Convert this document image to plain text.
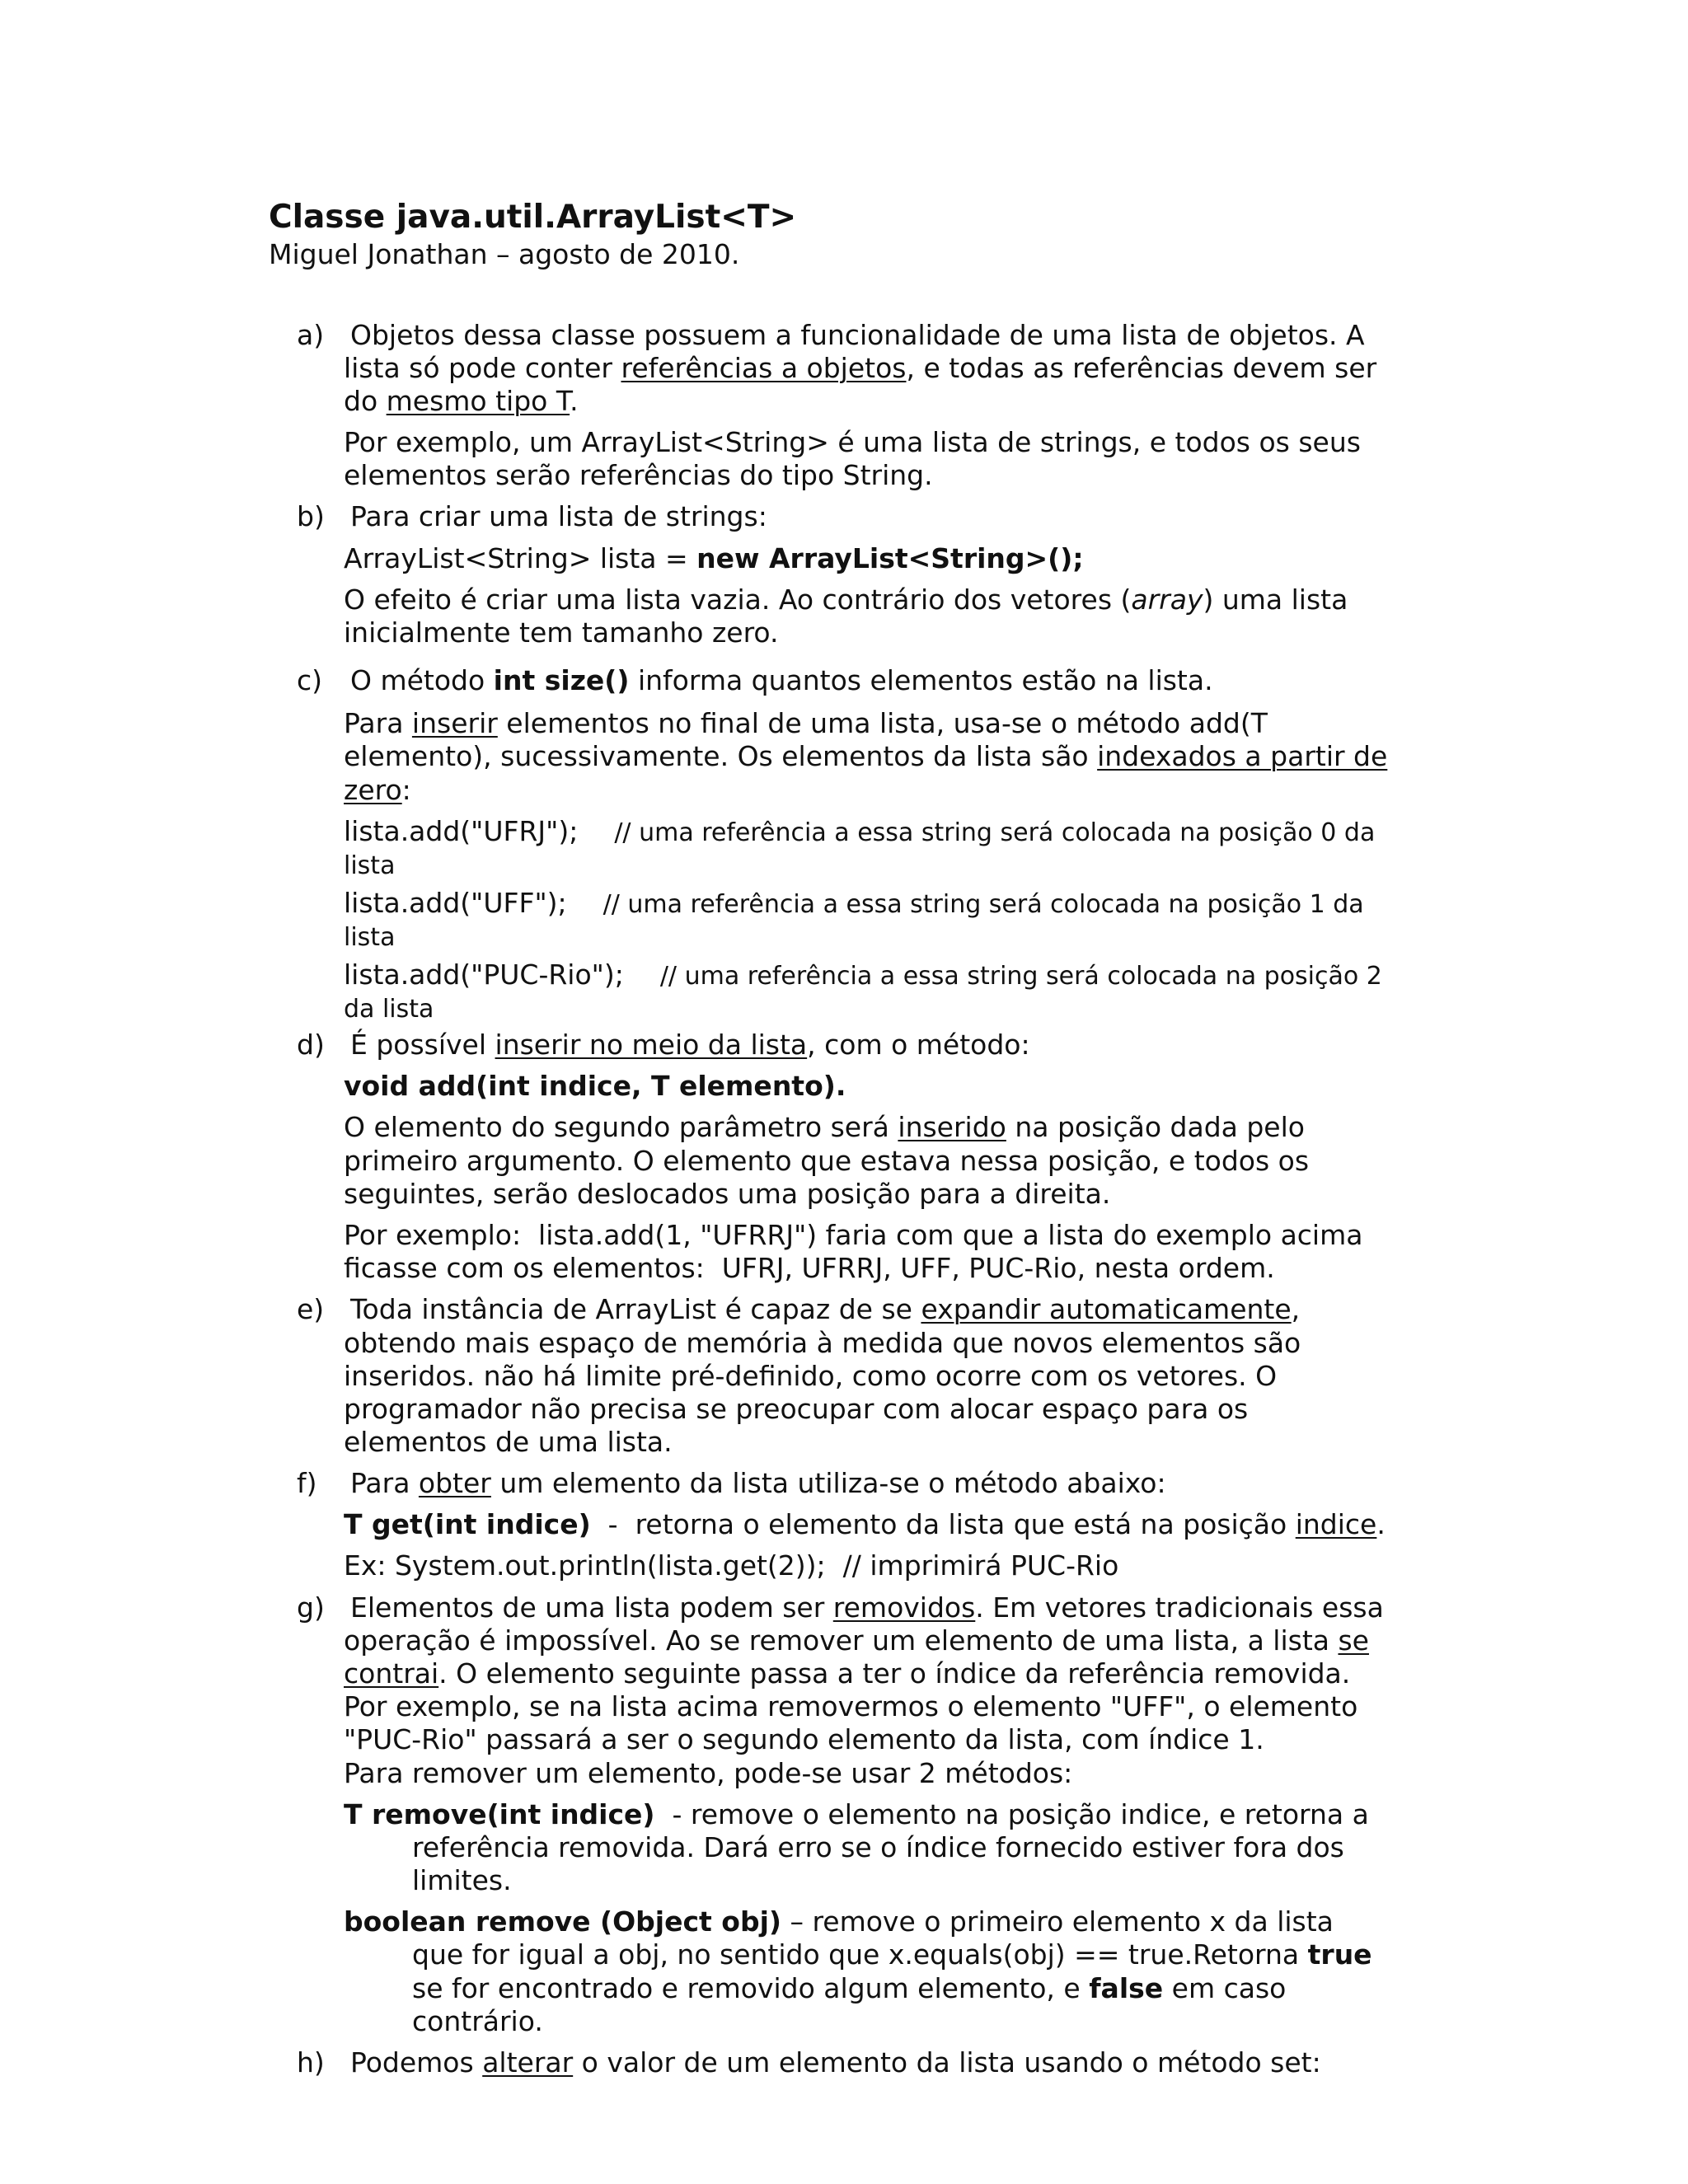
Classe java.util.ArrayList<T>

Miguel Jonathan – agosto de 2010.

a) Objetos dessa classe possuem a funcionalidade de uma lista de objetos. A
lista só pode conter referências a objetos, e todas as referências devem ser
do mesmo tipo T.

Por exemplo, um ArrayList<String> é uma lista de strings, e todos os seus
elementos serão referências do tipo String.

b) Para criar uma lista de strings:

ArrayList<String> lista = new ArrayList<String>();

O efeito é criar uma lista vazia. Ao contrário dos vetores (array) uma lista
inicialmente tem tamanho zero.

c) O método int size() informa quantos elementos estão na lista.

Para inserir elementos no final de uma lista, usa-se o método add(T
elemento), sucessivamente. Os elementos da lista são indexados a partir de
zero:

lista.add("UFRJ"); // uma referência a essa string será colocada na posição 0 da
lista

lista.add("UFF"); // uma referência a essa string será colocada na posição 1 da
lista

lista.add("PUC-Rio"); // uma referência a essa string será colocada na posição 2
da lista

d) É possível inserir no meio da lista, com o método:

void add(int indice, T elemento).

O elemento do segundo parâmetro será inserido na posição dada pelo
primeiro argumento. O elemento que estava nessa posição, e todos os
seguintes, serão deslocados uma posição para a direita.

Por exemplo:  lista.add(1, "UFRRJ") faria com que a lista do exemplo acima
ficasse com os elementos:  UFRJ, UFRRJ, UFF, PUC-Rio, nesta ordem.

e) Toda instância de ArrayList é capaz de se expandir automaticamente,
obtendo mais espaço de memória à medida que novos elementos são
inseridos. não há limite pré-definido, como ocorre com os vetores. O
programador não precisa se preocupar com alocar espaço para os
elementos de uma lista.

f) Para obter um elemento da lista utiliza-se o método abaixo:

T get(int indice)  -  retorna o elemento da lista que está na posição indice.

Ex: System.out.println(lista.get(2));  // imprimirá PUC-Rio

g) Elementos de uma lista podem ser removidos. Em vetores tradicionais essa
operação é impossível. Ao se remover um elemento de uma lista, a lista se
contrai. O elemento seguinte passa a ter o índice da referência removida.
Por exemplo, se na lista acima removermos o elemento "UFF", o elemento
"PUC-Rio" passará a ser o segundo elemento da lista, com índice 1.
Para remover um elemento, pode-se usar 2 métodos:

T remove(int indice)  - remove o elemento na posição indice, e retorna a
referência removida. Dará erro se o índice fornecido estiver fora dos
limites.

boolean remove (Object obj) – remove o primeiro elemento x da lista
que for igual a obj, no sentido que x.equals(obj) == true.Retorna true
se for encontrado e removido algum elemento, e false em caso
contrário.

h) Podemos alterar o valor de um elemento da lista usando o método set:
